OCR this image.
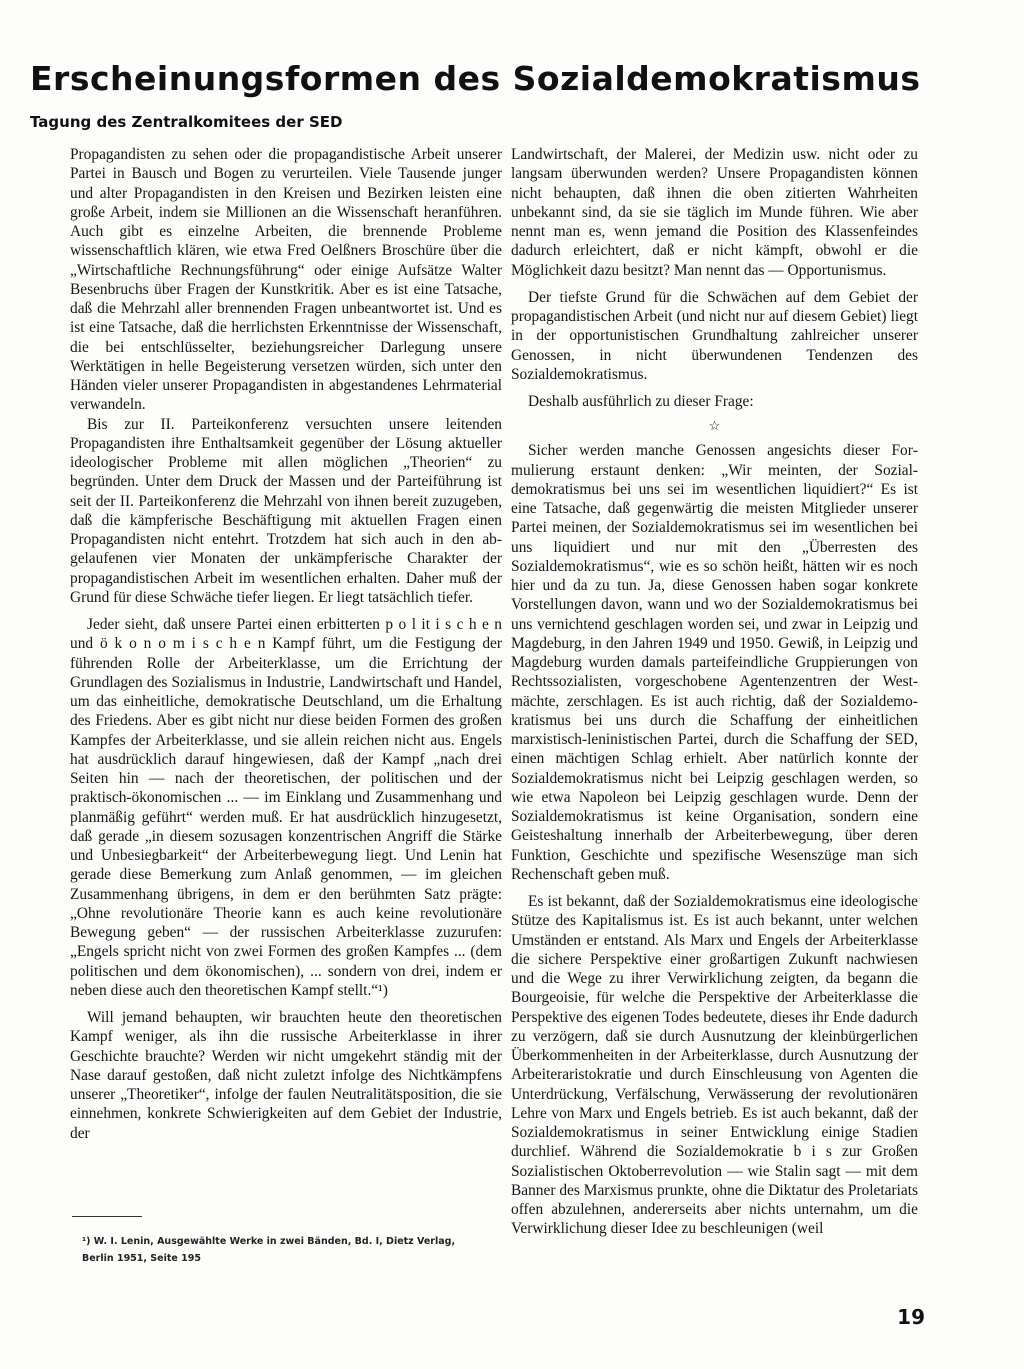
Erscheinungsformen des Sozialdemokratismus
Tagung des Zentralkomitees der SED

Propagandisten zu sehen oder die propagandistische Arbeit unserer Partei in Bausch und Bogen zu verurteilen. Viele Tausende junger und alter Propagandisten in den Kreisen und Bezirken leisten eine große Arbeit, indem sie Millionen an die Wissenschaft heranführen. Auch gibt es einzelne Arbeiten, die brennende Probleme wissenschaftlich klären, wie etwa Fred Oelßners Broschüre über die „Wirtschaftliche Rechnungsführung“ oder einige Aufsätze Walter Besenbruchs über Fragen der Kunstkritik. Aber es ist eine Tatsache, daß die Mehrzahl aller brennenden Fragen unbeantwortet ist. Und es ist eine Tatsache, daß die herrlichsten Erkenntnisse der Wissenschaft, die bei entschlüsselter, beziehungsreicher Darlegung unsere Werktätigen in helle Begeisterung versetzen würden, sich unter den Händen vieler unserer Propagandisten in abgestandenes Lehrmaterial verwandeln.

Bis zur II. Parteikonferenz versuchten unsere leitenden Propagandisten ihre Enthaltsamkeit gegenüber der Lösung aktueller ideologischer Probleme mit allen möglichen „Theorien“ zu begründen. Unter dem Druck der Massen und der Parteiführung ist seit der II. Parteikonferenz die Mehrzahl von ihnen bereit zuzugeben, daß die kämpferische Beschäftigung mit aktuellen Fragen einen Propagandisten nicht entehrt. Trotzdem hat sich auch in den abgelaufenen vier Monaten der unkämpferische Charakter der propagandistischen Arbeit im wesentlichen erhalten. Daher muß der Grund für diese Schwäche tiefer liegen. Er liegt tatsächlich tiefer.

Jeder sieht, daß unsere Partei einen erbitterten p o l it i s c h e n und ö k o n o m i s c h e n Kampf führt, um die Festigung der führenden Rolle der Arbeiterklasse, um die Errichtung der Grundlagen des Sozialismus in Industrie, Landwirtschaft und Handel, um das einheitliche, demokratische Deutschland, um die Erhaltung des Friedens. Aber es gibt nicht nur diese beiden Formen des großen Kampfes der Arbeiterklasse, und sie allein reichen nicht aus. Engels hat ausdrücklich darauf hingewiesen, daß der Kampf „nach drei Seiten hin — nach der theoretischen, der politischen und der praktisch-ökonomischen ... — im Einklang und Zusammenhang und planmäßig geführt“ werden muß. Er hat ausdrücklich hinzugesetzt, daß gerade „in diesem sozusagen konzentrischen Angriff die Stärke und Unbesiegbarkeit“ der Arbeiterbewegung liegt. Und Lenin hat gerade diese Bemerkung zum Anlaß genommen, — im gleichen Zusammenhang übrigens, in dem er den berühmten Satz prägte: „Ohne revolutionäre Theorie kann es auch keine revolutionäre Bewegung geben“ — der russischen Arbeiterklasse zuzurufen: „Engels spricht nicht von zwei Formen des großen Kampfes ... (dem politischen und dem ökonomischen), ... sondern von drei, indem er neben diese auch den theoretischen Kampf stellt.“¹)

Will jemand behaupten, wir brauchten heute den theoretischen Kampf weniger, als ihn die russische Arbeiterklasse in ihrer Geschichte brauchte? Werden wir nicht umgekehrt ständig mit der Nase darauf gestoßen, daß nicht zuletzt infolge des Nichtkämpfens unserer „Theoretiker“, infolge der faulen Neutralitätsposition, die sie einnehmen, konkrete Schwierigkeiten auf dem Gebiet der Industrie, der

¹) W. I. Lenin, Ausgewählte Werke in zwei Bänden, Bd. I, Dietz Verlag, Berlin 1951, Seite 195

Landwirtschaft, der Malerei, der Medizin usw. nicht oder zu langsam überwunden werden? Unsere Propagandisten können nicht behaupten, daß ihnen die oben zitierten Wahrheiten unbekannt sind, da sie sie täglich im Munde führen. Wie aber nennt man es, wenn jemand die Position des Klassenfeindes dadurch erleichtert, daß er nicht kämpft, obwohl er die Möglichkeit dazu besitzt? Man nennt das — Opportunismus.

Der tiefste Grund für die Schwächen auf dem Gebiet der propagandistischen Arbeit (und nicht nur auf diesem Gebiet) liegt in der opportunistischen Grundhaltung zahlreicher unserer Genossen, in nicht überwundenen Tendenzen des Sozialdemokratismus.

Deshalb ausführlich zu dieser Frage:

☆

Sicher werden manche Genossen angesichts dieser Formulierung erstaunt denken: „Wir meinten, der Sozialdemokratismus bei uns sei im wesentlichen liquidiert?“ Es ist eine Tatsache, daß gegenwärtig die meisten Mitglieder unserer Partei meinen, der Sozialdemokratismus sei im wesentlichen bei uns liquidiert und nur mit den „Überresten des Sozialdemokratismus“, wie es so schön heißt, hätten wir es noch hier und da zu tun. Ja, diese Genossen haben sogar konkrete Vorstellungen davon, wann und wo der Sozialdemokratismus bei uns vernichtend geschlagen worden sei, und zwar in Leipzig und Magdeburg, in den Jahren 1949 und 1950. Gewiß, in Leipzig und Magdeburg wurden damals parteifeindliche Gruppierungen von Rechtssozialisten, vorgeschobene Agentenzentren der Westmächte, zerschlagen. Es ist auch richtig, daß der Sozialdemokratismus bei uns durch die Schaffung der einheitlichen marxistisch-leninistischen Partei, durch die Schaffung der SED, einen mächtigen Schlag erhielt. Aber natürlich konnte der Sozialdemokratismus nicht bei Leipzig geschlagen werden, so wie etwa Napoleon bei Leipzig geschlagen wurde. Denn der Sozialdemokratismus ist keine Organisation, sondern eine Geisteshaltung innerhalb der Arbeiterbewegung, über deren Funktion, Geschichte und spezifische Wesenszüge man sich Rechenschaft geben muß.

Es ist bekannt, daß der Sozialdemokratismus eine ideologische Stütze des Kapitalismus ist. Es ist auch bekannt, unter welchen Umständen er entstand. Als Marx und Engels der Arbeiterklasse die sichere Perspektive einer großartigen Zukunft nachwiesen und die Wege zu ihrer Verwirklichung zeigten, da begann die Bourgeoisie, für welche die Perspektive der Arbeiterklasse die Perspektive des eigenen Todes bedeutete, dieses ihr Ende dadurch zu verzögern, daß sie durch Ausnutzung der kleinbürgerlichen Überkommenheiten in der Arbeiterklasse, durch Ausnutzung der Arbeiteraristokratie und durch Einschleusung von Agenten die Unterdrückung, Verfälschung, Verwässerung der revolutionären Lehre von Marx und Engels betrieb. Es ist auch bekannt, daß der Sozialdemokratismus in seiner Entwicklung einige Stadien durchlief. Während die Sozialdemokratie b i s zur Großen Sozialistischen Oktoberrevolution — wie Stalin sagt — mit dem Banner des Marxismus prunkte, ohne die Diktatur des Proletariats offen abzulehnen, andererseits aber nichts unternahm, um die Verwirklichung dieser Idee zu beschleunigen (weil

19
